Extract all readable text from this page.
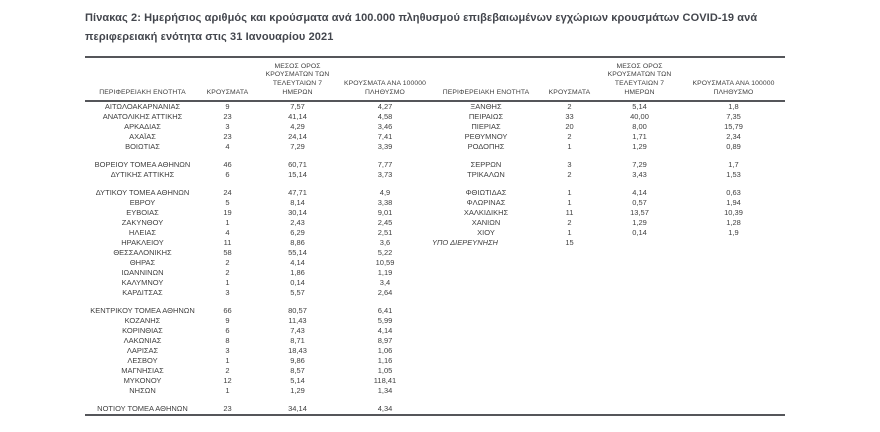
Πίνακας 2: Ημερήσιος αριθμός και κρούσματα ανά 100.000 πληθυσμού επιβεβαιωμένων εγχώριων κρουσμάτων COVID-19 ανά περιφερειακή ενότητα στις 31 Ιανουαρίου 2021
ΠΕΡΙΦΕΡΕΙΑΚΗ ΕΝΟΤΗΤΑ	ΚΡΟΥΣΜΑΤΑ	ΜΕΣΟΣ ΟΡΟΣ ΚΡΟΥΣΜΑΤΩΝ ΤΩΝ ΤΕΛΕΥΤΑΙΩΝ 7 ΗΜΕΡΩΝ	ΚΡΟΥΣΜΑΤΑ ΑΝΑ 100000 ΠΛΗΘΥΣΜΟ	ΠΕΡΙΦΕΡΕΙΑΚΗ ΕΝΟΤΗΤΑ	ΚΡΟΥΣΜΑΤΑ	ΜΕΣΟΣ ΟΡΟΣ ΚΡΟΥΣΜΑΤΩΝ ΤΩΝ ΤΕΛΕΥΤΑΙΩΝ 7 ΗΜΕΡΩΝ	ΚΡΟΥΣΜΑΤΑ ΑΝΑ 100000 ΠΛΗΘΥΣΜΟ
ΑΙΤΩΛΟΑΚΑΡΝΑΝΙΑΣ	9	7,57	4,27	ΞΑΝΘΗΣ	2	5,14	1,8
ΑΝΑΤΟΛΙΚΗΣ ΑΤΤΙΚΗΣ	23	41,14	4,58	ΠΕΙΡΑΙΩΣ	33	40,00	7,35
ΑΡΚΑΔΙΑΣ	3	4,29	3,46	ΠΙΕΡΙΑΣ	20	8,00	15,79
ΑΧΑΪΑΣ	23	24,14	7,41	ΡΕΘΥΜΝΟΥ	2	1,71	2,34
ΒΟΙΩΤΙΑΣ	4	7,29	3,39	ΡΟΔΟΠΗΣ	1	1,29	0,89

ΒΟΡΕΙΟΥ ΤΟΜΕΑ ΑΘΗΝΩΝ	46	60,71	7,77	ΣΕΡΡΩΝ	3	7,29	1,7
ΔΥΤΙΚΗΣ ΑΤΤΙΚΗΣ	6	15,14	3,73	ΤΡΙΚΑΛΩΝ	2	3,43	1,53

ΔΥΤΙΚΟΥ ΤΟΜΕΑ ΑΘΗΝΩΝ	24	47,71	4,9	ΦΘΙΩΤΙΔΑΣ	1	4,14	0,63
ΕΒΡΟΥ	5	8,14	3,38	ΦΛΩΡΙΝΑΣ	1	0,57	1,94
ΕΥΒΟΙΑΣ	19	30,14	9,01	ΧΑΛΚΙΔΙΚΗΣ	11	13,57	10,39
ΖΑΚΥΝΘΟΥ	1	2,43	2,45	ΧΑΝΙΩΝ	2	1,29	1,28
ΗΛΕΙΑΣ	4	6,29	2,51	ΧΙΟΥ	1	0,14	1,9
ΗΡΑΚΛΕΙΟΥ	11	8,86	3,6	ΥΠΟ ΔΙΕΡΕΥΝΗΣΗ	15		
ΘΕΣΣΑΛΟΝΙΚΗΣ	58	55,14	5,22				
ΘΗΡΑΣ	2	4,14	10,59				
ΙΩΑΝΝΙΝΩΝ	2	1,86	1,19				
ΚΑΛΥΜΝΟΥ	1	0,14	3,4				
ΚΑΡΔΙΤΣΑΣ	3	5,57	2,64				

ΚΕΝΤΡΙΚΟΥ ΤΟΜΕΑ ΑΘΗΝΩΝ	66	80,57	6,41				
ΚΟΖΑΝΗΣ	9	11,43	5,99				
ΚΟΡΙΝΘΙΑΣ	6	7,43	4,14				
ΛΑΚΩΝΙΑΣ	8	8,71	8,97				
ΛΑΡΙΣΑΣ	3	18,43	1,06				
ΛΕΣΒΟΥ	1	9,86	1,16				
ΜΑΓΝΗΣΙΑΣ	2	8,57	1,05				
ΜΥΚΟΝΟΥ	12	5,14	118,41				
ΝΗΣΩΝ	1	1,29	1,34				

ΝΟΤΙΟΥ ΤΟΜΕΑ ΑΘΗΝΩΝ	23	34,14	4,34				
